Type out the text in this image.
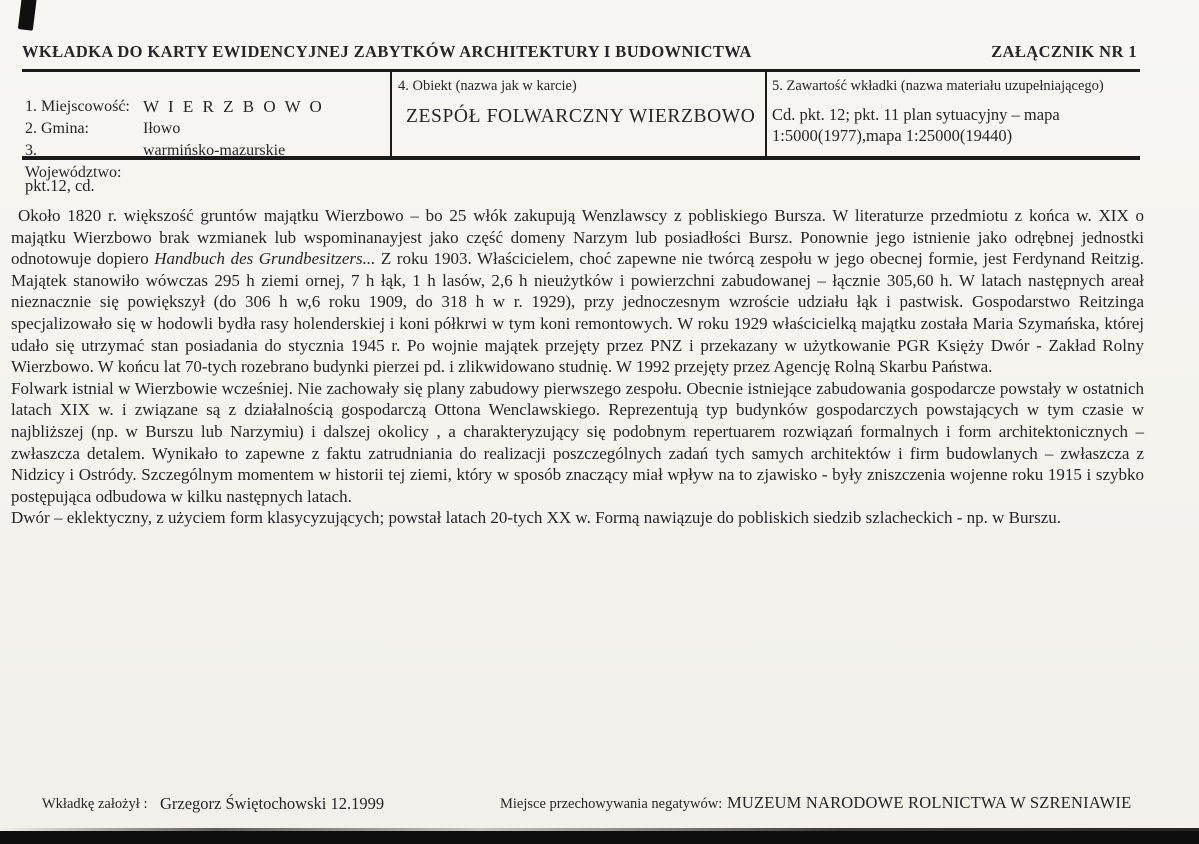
WKŁADKA DO KARTY EWIDENCYJNEJ ZABYTKÓW ARCHITEKTURY I BUDOWNICTWA	ZAŁĄCZNIK NR 1
1. Miejscowość: W I E R Z B O W O
2. Gmina:	Iłowo
3. Województwo:
warmińsko-mazurskie
4. Obiekt (nazwa jak w karcie)
ZESPÓŁ FOLWARCZNY WIERZBOWO
5. Zawartość wkładki (nazwa materiału uzupełniającego)
Cd. pkt. 12; pkt. 11 plan sytuacyjny – mapa 1:5000(1977),mapa 1:25000(19440)
pkt.12, cd.

Około 1820 r. większość gruntów majątku Wierzbowo – bo 25 włók zakupują Wenzlawscy z pobliskiego Bursza. W literaturze przedmiotu z końca w. XIX o majątku Wierzbowo brak wzmianek lub wspominanayjest jako część domeny Narzym lub posiadłości Bursz. Ponownie jego istnienie jako odrębnej jednostki odnotowuje dopiero Handbuch des Grundbesitzers... Z roku 1903. Właścicielem, choć zapewne nie twórcą zespołu w jego obecnej formie, jest Ferdynand Reitzig. Majątek stanowiło wówczas 295 h ziemi ornej, 7 h łąk, 1 h lasów, 2,6 h nieużytków i powierzchni zabudowanej – łącznie 305,60 h. W latach następnych areał nieznacznie się powiększył (do 306 h w,6 roku 1909, do 318 h w r. 1929), przy jednoczesnym wzroście udziału łąk i pastwisk. Gospodarstwo Reitzinga specjalizowało się w hodowli bydła rasy holenderskiej i koni półkrwi w tym koni remontowych. W roku 1929 właścicielką majątku została Maria Szymańska, której udało się utrzymać stan posiadania do stycznia 1945 r. Po wojnie majątek przejęty przez PNZ i przekazany w użytkowanie PGR Księży Dwór - Zakład Rolny Wierzbowo. W końcu lat 70-tych rozebrano budynki pierzei pd. i zlikwidowano studnię. W 1992 przejęty przez Agencję Rolną Skarbu Państwa.

Folwark istnial w Wierzbowie wcześniej. Nie zachowały się plany zabudowy pierwszego zespołu. Obecnie istniejące zabudowania gospodarcze powstały w ostatnich latach XIX w. i związane są z działalnością gospodarczą Ottona Wenclawskiego. Reprezentują typ budynków gospodarczych powstających w tym czasie w najbliższej (np. w Burszu lub Narzymiu) i dalszej okolicy , a charakteryzujący się podobnym repertuarem rozwiązań formalnych i form architektonicznych – zwłaszcza detalem. Wynikało to zapewne z faktu zatrudniania do realizacji poszczególnych zadań tych samych architektów i firm budowlanych – zwłaszcza z Nidzicy i Ostródy. Szczególnym momentem w historii tej ziemi, który w sposób znaczący miał wpływ na to zjawisko - były zniszczenia wojenne roku 1915 i szybko postępująca odbudowa w kilku następnych latach.

Dwór – eklektyczny, z użyciem form klasycyzujących; powstał latach 20-tych XX w. Formą nawiązuje do pobliskich siedzib szlacheckich - np. w Burszu.

Wkładkę założył : Grzegorz Świętochowski 12.1999	Miejsce przechowywania negatywów: MUZEUM NARODOWE ROLNICTWA W SZRENIAWIE
